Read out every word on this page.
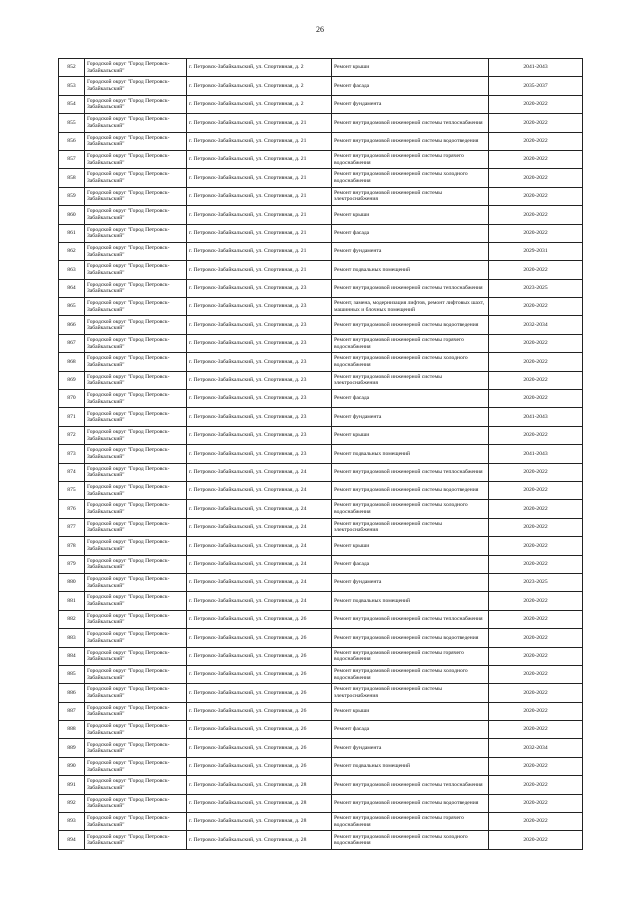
26
852	Городской округ "Город Петровск-Забайкальский"	г. Петровск-Забайкальский, ул. Спортивная, д. 2	Ремонт крыши	2041-2043
853	Городской округ "Город Петровск-Забайкальский"	г. Петровск-Забайкальский, ул. Спортивная, д. 2	Ремонт фасада	2035-2037
854	Городской округ "Город Петровск-Забайкальский"	г. Петровск-Забайкальский, ул. Спортивная, д. 2	Ремонт фундамента	2020-2022
855	Городской округ "Город Петровск-Забайкальский"	г. Петровск-Забайкальский, ул. Спортивная, д. 21	Ремонт внутридомовой инженерной системы теплоснабжения	2020-2022
856	Городской округ "Город Петровск-Забайкальский"	г. Петровск-Забайкальский, ул. Спортивная, д. 21	Ремонт внутридомовой инженерной системы водоотведения	2020-2022
857	Городской округ "Город Петровск-Забайкальский"	г. Петровск-Забайкальский, ул. Спортивная, д. 21	Ремонт внутридомовой инженерной системы горячего водоснабжения	2020-2022
858	Городской округ "Город Петровск-Забайкальский"	г. Петровск-Забайкальский, ул. Спортивная, д. 21	Ремонт внутридомовой инженерной системы холодного водоснабжения	2020-2022
859	Городской округ "Город Петровск-Забайкальский"	г. Петровск-Забайкальский, ул. Спортивная, д. 21	Ремонт внутридомовой инженерной системы электроснабжения	2020-2022
860	Городской округ "Город Петровск-Забайкальский"	г. Петровск-Забайкальский, ул. Спортивная, д. 21	Ремонт крыши	2020-2022
861	Городской округ "Город Петровск-Забайкальский"	г. Петровск-Забайкальский, ул. Спортивная, д. 21	Ремонт фасада	2020-2022
862	Городской округ "Город Петровск-Забайкальский"	г. Петровск-Забайкальский, ул. Спортивная, д. 21	Ремонт фундамента	2029-2031
863	Городской округ "Город Петровск-Забайкальский"	г. Петровск-Забайкальский, ул. Спортивная, д. 21	Ремонт подвальных помещений	2020-2022
864	Городской округ "Город Петровск-Забайкальский"	г. Петровск-Забайкальский, ул. Спортивная, д. 23	Ремонт внутридомовой инженерной системы теплоснабжения	2023-2025
865	Городской округ "Город Петровск-Забайкальский"	г. Петровск-Забайкальский, ул. Спортивная, д. 23	Ремонт, замена, модернизация лифтов, ремонт лифтовых шахт, машинных и блочных помещений	2020-2022
866	Городской округ "Город Петровск-Забайкальский"	г. Петровск-Забайкальский, ул. Спортивная, д. 23	Ремонт внутридомовой инженерной системы водоотведения	2032-2034
867	Городской округ "Город Петровск-Забайкальский"	г. Петровск-Забайкальский, ул. Спортивная, д. 23	Ремонт внутридомовой инженерной системы горячего водоснабжения	2020-2022
868	Городской округ "Город Петровск-Забайкальский"	г. Петровск-Забайкальский, ул. Спортивная, д. 23	Ремонт внутридомовой инженерной системы холодного водоснабжения	2020-2022
869	Городской округ "Город Петровск-Забайкальский"	г. Петровск-Забайкальский, ул. Спортивная, д. 23	Ремонт внутридомовой инженерной системы электроснабжения	2020-2022
870	Городской округ "Город Петровск-Забайкальский"	г. Петровск-Забайкальский, ул. Спортивная, д. 23	Ремонт фасада	2020-2022
871	Городской округ "Город Петровск-Забайкальский"	г. Петровск-Забайкальский, ул. Спортивная, д. 23	Ремонт фундамента	2041-2043
872	Городской округ "Город Петровск-Забайкальский"	г. Петровск-Забайкальский, ул. Спортивная, д. 23	Ремонт крыши	2020-2022
873	Городской округ "Город Петровск-Забайкальский"	г. Петровск-Забайкальский, ул. Спортивная, д. 23	Ремонт подвальных помещений	2041-2043
874	Городской округ "Город Петровск-Забайкальский"	г. Петровск-Забайкальский, ул. Спортивная, д. 24	Ремонт внутридомовой инженерной системы теплоснабжения	2020-2022
875	Городской округ "Город Петровск-Забайкальский"	г. Петровск-Забайкальский, ул. Спортивная, д. 24	Ремонт внутридомовой инженерной системы водоотведения	2020-2022
876	Городской округ "Город Петровск-Забайкальский"	г. Петровск-Забайкальский, ул. Спортивная, д. 24	Ремонт внутридомовой инженерной системы холодного водоснабжения	2020-2022
877	Городской округ "Город Петровск-Забайкальский"	г. Петровск-Забайкальский, ул. Спортивная, д. 24	Ремонт внутридомовой инженерной системы электроснабжения	2020-2022
878	Городской округ "Город Петровск-Забайкальский"	г. Петровск-Забайкальский, ул. Спортивная, д. 24	Ремонт крыши	2020-2022
879	Городской округ "Город Петровск-Забайкальский"	г. Петровск-Забайкальский, ул. Спортивная, д. 24	Ремонт фасада	2020-2022
880	Городской округ "Город Петровск-Забайкальский"	г. Петровск-Забайкальский, ул. Спортивная, д. 24	Ремонт фундамента	2023-2025
881	Городской округ "Город Петровск-Забайкальский"	г. Петровск-Забайкальский, ул. Спортивная, д. 24	Ремонт подвальных помещений	2020-2022
882	Городской округ "Город Петровск-Забайкальский"	г. Петровск-Забайкальский, ул. Спортивная, д. 26	Ремонт внутридомовой инженерной системы теплоснабжения	2020-2022
883	Городской округ "Город Петровск-Забайкальский"	г. Петровск-Забайкальский, ул. Спортивная, д. 26	Ремонт внутридомовой инженерной системы водоотведения	2020-2022
884	Городской округ "Город Петровск-Забайкальский"	г. Петровск-Забайкальский, ул. Спортивная, д. 26	Ремонт внутридомовой инженерной системы горячего водоснабжения	2020-2022
885	Городской округ "Город Петровск-Забайкальский"	г. Петровск-Забайкальский, ул. Спортивная, д. 26	Ремонт внутридомовой инженерной системы холодного водоснабжения	2020-2022
886	Городской округ "Город Петровск-Забайкальский"	г. Петровск-Забайкальский, ул. Спортивная, д. 26	Ремонт внутридомовой инженерной системы электроснабжения	2020-2022
887	Городской округ "Город Петровск-Забайкальский"	г. Петровск-Забайкальский, ул. Спортивная, д. 26	Ремонт крыши	2020-2022
888	Городской округ "Город Петровск-Забайкальский"	г. Петровск-Забайкальский, ул. Спортивная, д. 26	Ремонт фасада	2020-2022
889	Городской округ "Город Петровск-Забайкальский"	г. Петровск-Забайкальский, ул. Спортивная, д. 26	Ремонт фундамента	2032-2034
890	Городской округ "Город Петровск-Забайкальский"	г. Петровск-Забайкальский, ул. Спортивная, д. 26	Ремонт подвальных помещений	2020-2022
891	Городской округ "Город Петровск-Забайкальский"	г. Петровск-Забайкальский, ул. Спортивная, д. 28	Ремонт внутридомовой инженерной системы теплоснабжения	2020-2022
892	Городской округ "Город Петровск-Забайкальский"	г. Петровск-Забайкальский, ул. Спортивная, д. 28	Ремонт внутридомовой инженерной системы водоотведения	2020-2022
893	Городской округ "Город Петровск-Забайкальский"	г. Петровск-Забайкальский, ул. Спортивная, д. 28	Ремонт внутридомовой инженерной системы горячего водоснабжения	2020-2022
894	Городской округ "Город Петровск-Забайкальский"	г. Петровск-Забайкальский, ул. Спортивная, д. 28	Ремонт внутридомовой инженерной системы холодного водоснабжения	2020-2022
